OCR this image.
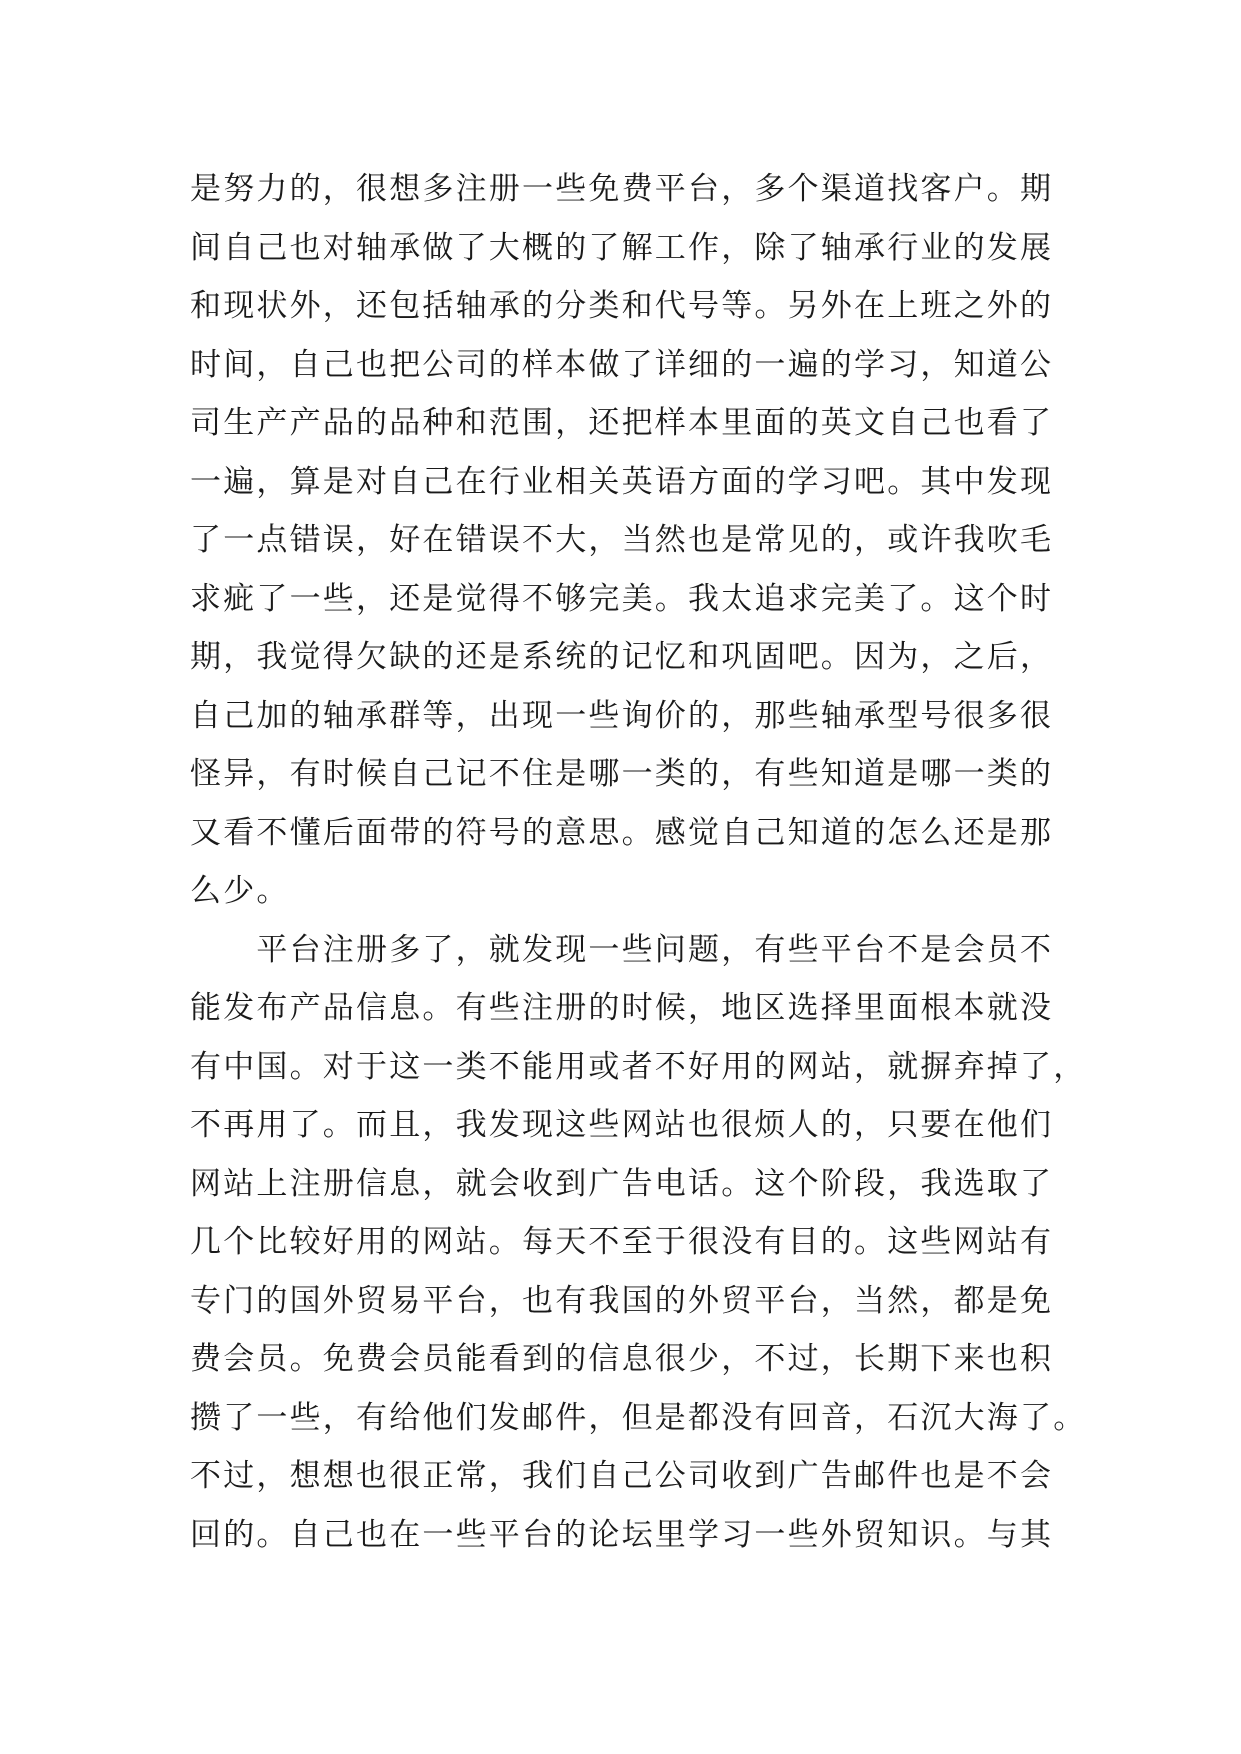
是努力的，很想多注册一些免费平台，多个渠道找客户。期
间自己也对轴承做了大概的了解工作，除了轴承行业的发展
和现状外，还包括轴承的分类和代号等。另外在上班之外的
时间，自己也把公司的样本做了详细的一遍的学习，知道公
司生产产品的品种和范围，还把样本里面的英文自己也看了
一遍，算是对自己在行业相关英语方面的学习吧。其中发现
了一点错误，好在错误不大，当然也是常见的，或许我吹毛
求疵了一些，还是觉得不够完美。我太追求完美了。这个时
期，我觉得欠缺的还是系统的记忆和巩固吧。因为，之后，
自己加的轴承群等，出现一些询价的，那些轴承型号很多很
怪异，有时候自己记不住是哪一类的，有些知道是哪一类的
又看不懂后面带的符号的意思。感觉自己知道的怎么还是那
么少。
　　平台注册多了，就发现一些问题，有些平台不是会员不
能发布产品信息。有些注册的时候，地区选择里面根本就没
有中国。对于这一类不能用或者不好用的网站，就摒弃掉了，
不再用了。而且，我发现这些网站也很烦人的，只要在他们
网站上注册信息，就会收到广告电话。这个阶段，我选取了
几个比较好用的网站。每天不至于很没有目的。这些网站有
专门的国外贸易平台，也有我国的外贸平台，当然，都是免
费会员。免费会员能看到的信息很少，不过，长期下来也积
攒了一些，有给他们发邮件，但是都没有回音，石沉大海了。
不过，想想也很正常，我们自己公司收到广告邮件也是不会
回的。自己也在一些平台的论坛里学习一些外贸知识。与其
